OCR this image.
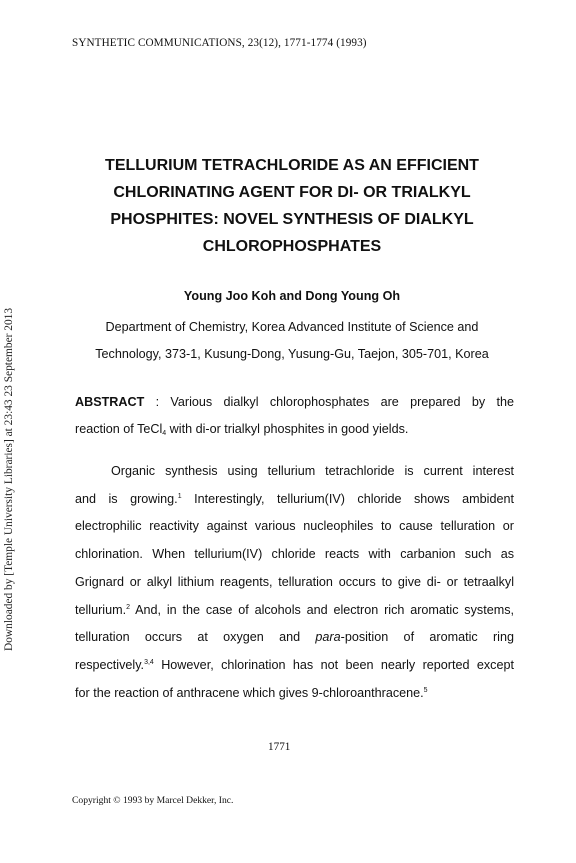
SYNTHETIC COMMUNICATIONS, 23(12), 1771-1774 (1993)
TELLURIUM TETRACHLORIDE AS AN EFFICIENT
CHLORINATING AGENT FOR DI- OR TRIALKYL
PHOSPHITES: NOVEL SYNTHESIS OF DIALKYL
CHLOROPHOSPHATES
Young Joo Koh and Dong Young Oh
Department of Chemistry, Korea Advanced Institute of Science and
Technology, 373-1, Kusung-Dong, Yusung-Gu, Taejon, 305-701, Korea
ABSTRACT : Various dialkyl chlorophosphates are prepared by the
reaction of TeCl$_4$ with di-or trialkyl phosphites in good yields.
Organic synthesis using tellurium tetrachloride is current interest
and is growing.$^1$ Interestingly, tellurium(IV) chloride shows ambident
electrophilic reactivity against various nucleophiles to cause telluration or
chlorination. When tellurium(IV) chloride reacts with carbanion such as
Grignard or alkyl lithium reagents, telluration occurs to give di- or tetraalkyl
tellurium.$^2$ And, in the case of alcohols and electron rich aromatic systems,
telluration occurs at oxygen and para-position of aromatic ring
respectively.$^{3,4}$ However, chlorination has not been nearly reported except
for the reaction of anthracene which gives 9-chloroanthracene.$^5$
1771
Copyright © 1993 by Marcel Dekker, Inc.
Downloaded by [Temple University Libraries] at 23:43 23 September 2013
